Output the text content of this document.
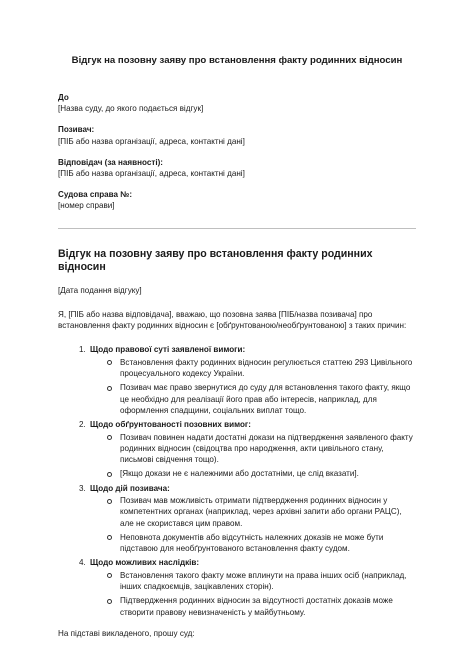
Відгук на позовну заяву про встановлення факту родинних відносин
До
[Назва суду, до якого подається відгук]
Позивач:
[ПІБ або назва організації, адреса, контактні дані]
Відповідач (за наявності):
[ПІБ або назва організації, адреса, контактні дані]
Судова справа №:
[номер справи]
Відгук на позовну заяву про встановлення факту родинних відносин
[Дата подання відгуку]
Я, [ПІБ або назва відповідача], вважаю, що позовна заява [ПІБ/назва позивача] про встановлення факту родинних відносин є [обґрунтованою/необґрунтованою] з таких причин:
1. Щодо правової суті заявленої вимоги:
Встановлення факту родинних відносин регулюється статтею 293 Цивільного процесуального кодексу України.
Позивач має право звернутися до суду для встановлення такого факту, якщо це необхідно для реалізації його прав або інтересів, наприклад, для оформлення спадщини, соціальних виплат тощо.
2. Щодо обґрунтованості позовних вимог:
Позивач повинен надати достатні докази на підтвердження заявленого факту родинних відносин (свідоцтва про народження, акти цивільного стану, письмові свідчення тощо).
[Якщо докази не є належними або достатніми, це слід вказати].
3. Щодо дій позивача:
Позивач мав можливість отримати підтвердження родинних відносин у компетентних органах (наприклад, через архівні запити або органи РАЦС), але не скористався цим правом.
Неповнота документів або відсутність належних доказів не може бути підставою для необґрунтованого встановлення факту судом.
4. Щодо можливих наслідків:
Встановлення такого факту може вплинути на права інших осіб (наприклад, інших спадкоємців, зацікавлених сторін).
Підтвердження родинних відносин за відсутності достатніх доказів може створити правову невизначеність у майбутньому.
На підставі викладеного, прошу суд:
